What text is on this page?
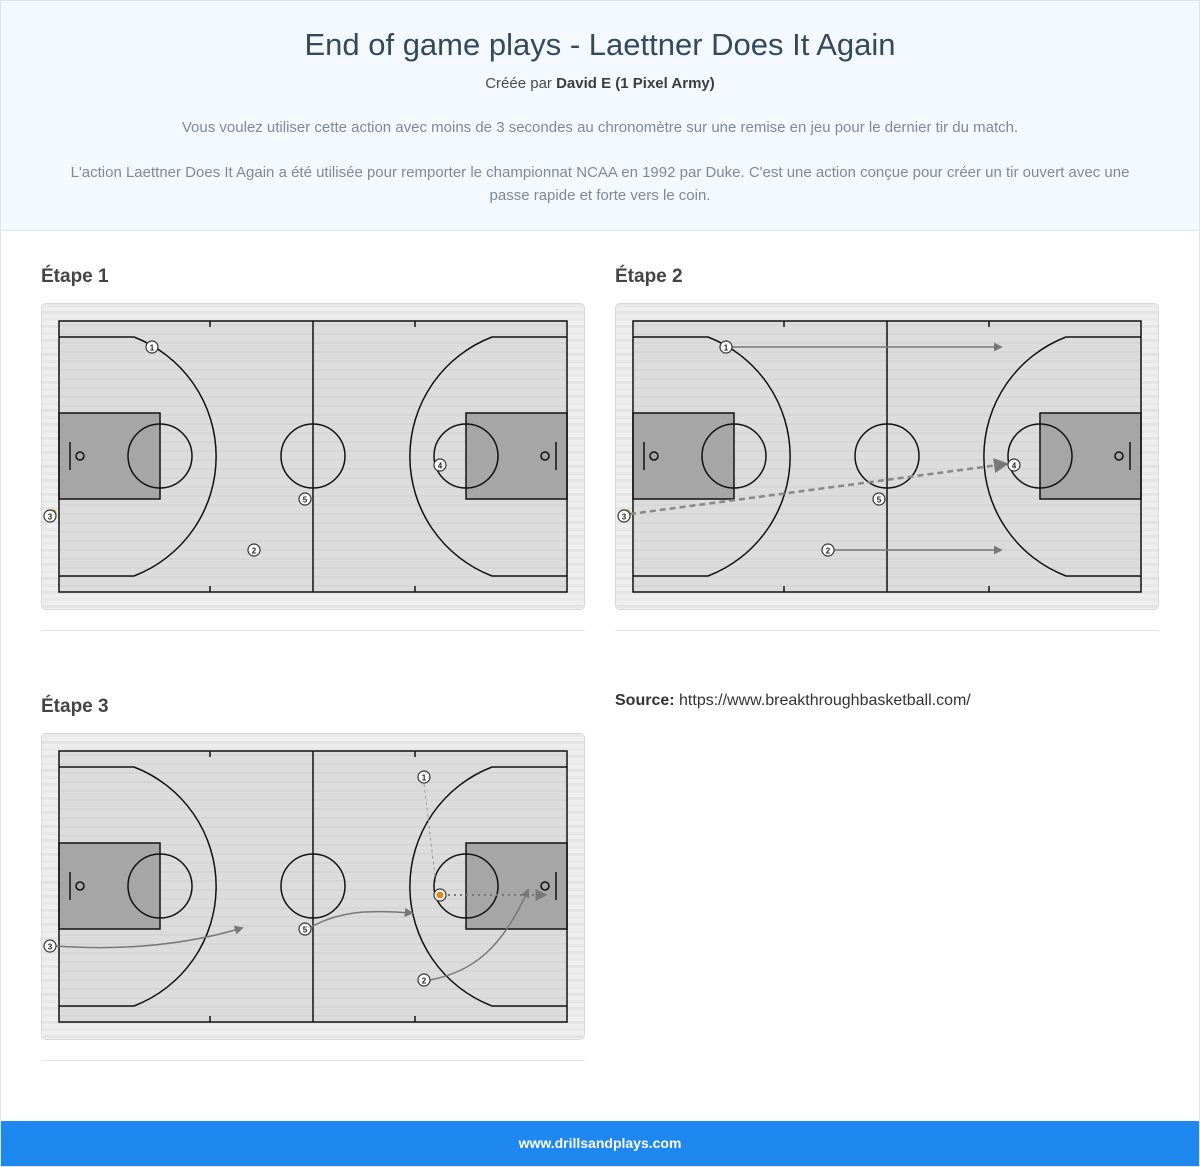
End of game plays - Laettner Does It Again
Créée par David E (1 Pixel Army)
Vous voulez utiliser cette action avec moins de 3 secondes au chronomètre sur une remise en jeu pour le dernier tir du match.
L'action Laettner Does It Again a été utilisée pour remporter le championnat NCAA en 1992 par Duke. C'est une action conçue pour créer un tir ouvert avec une passe rapide et forte vers le coin.
Étape 1
1
2
3
4
5
Étape 2
1
2
3
4
5
Étape 3
1
2
3
5
Source: https://www.breakthroughbasketball.com/
www.drillsandplays.com
